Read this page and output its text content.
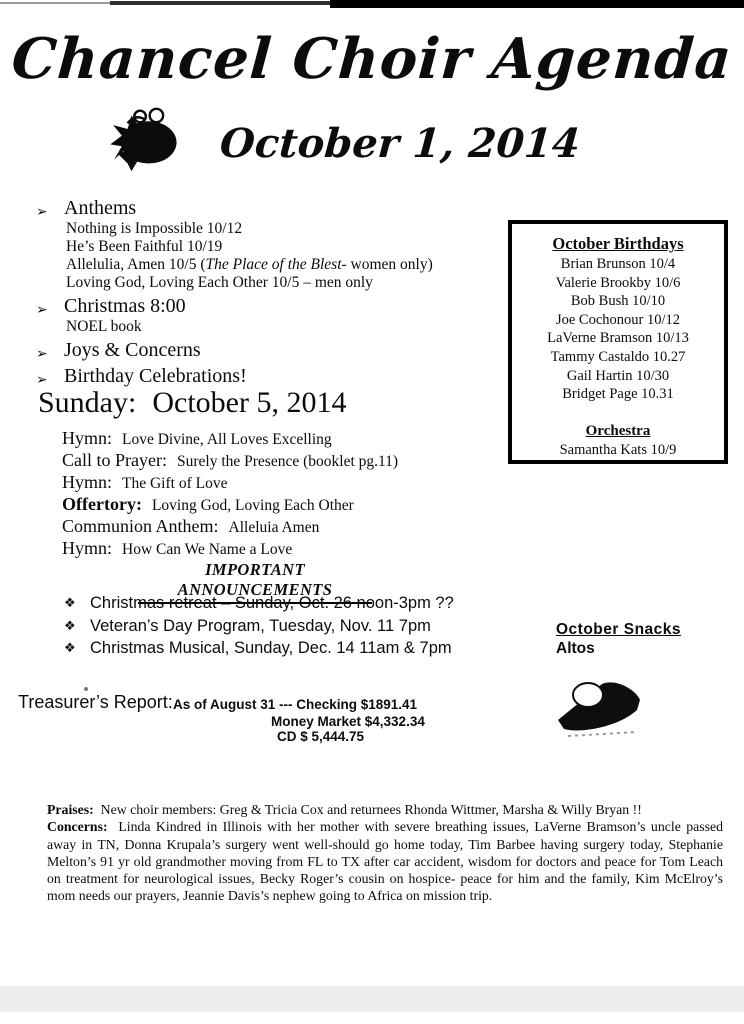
Chancel Choir Agenda
October 1, 2014
➢ Anthems
Nothing is Impossible 10/12
He’s Been Faithful 10/19
Allelulia, Amen 10/5 (The Place of the Blest- women only)
Loving God, Loving Each Other 10/5 – men only
➢ Christmas 8:00
NOEL book
➢ Joys & Concerns
➢ Birthday Celebrations!
October Birthdays
Brian Brunson 10/4
Valerie Brookby 10/6
Bob Bush 10/10
Joe Cochonour 10/12
LaVerne Bramson 10/13
Tammy Castaldo 10.27
Gail Hartin 10/30
Bridget Page 10.31
Orchestra
Samantha Kats 10/9
Sunday: October 5, 2014
Hymn: Love Divine, All Loves Excelling
Call to Prayer: Surely the Presence (booklet pg.11)
Hymn: The Gift of Love
Offertory: Loving God, Loving Each Other
Communion Anthem: Alleluia Amen
Hymn: How Can We Name a Love
IMPORTANT ANNOUNCEMENTS
❖ Christmas retreat – Sunday, Oct. 26 noon-3pm ??
❖ Veteran’s Day Program, Tuesday, Nov. 11 7pm
❖ Christmas Musical, Sunday, Dec. 14 11am & 7pm
October Snacks
Altos
Treasurer’s Report: As of August 31 --- Checking $1891.41
Money Market $4,332.34
CD $ 5,444.75

Praises: New choir members: Greg & Tricia Cox and returnees Rhonda Wittmer, Marsha & Willy Bryan !!

Concerns: Linda Kindred in Illinois with her mother with severe breathing issues, LaVerne Bramson’s uncle passed away in TN, Donna Krupala’s surgery went well-should go home today, Tim Barbee having surgery today, Stephanie Melton’s 91 yr old grandmother moving from FL to TX after car accident, wisdom for doctors and peace for Tom Leach on treatment for neurological issues, Becky Roger’s cousin on hospice- peace for him and the family, Kim McElroy’s mom needs our prayers, Jeannie Davis’s nephew going to Africa on mission trip.
